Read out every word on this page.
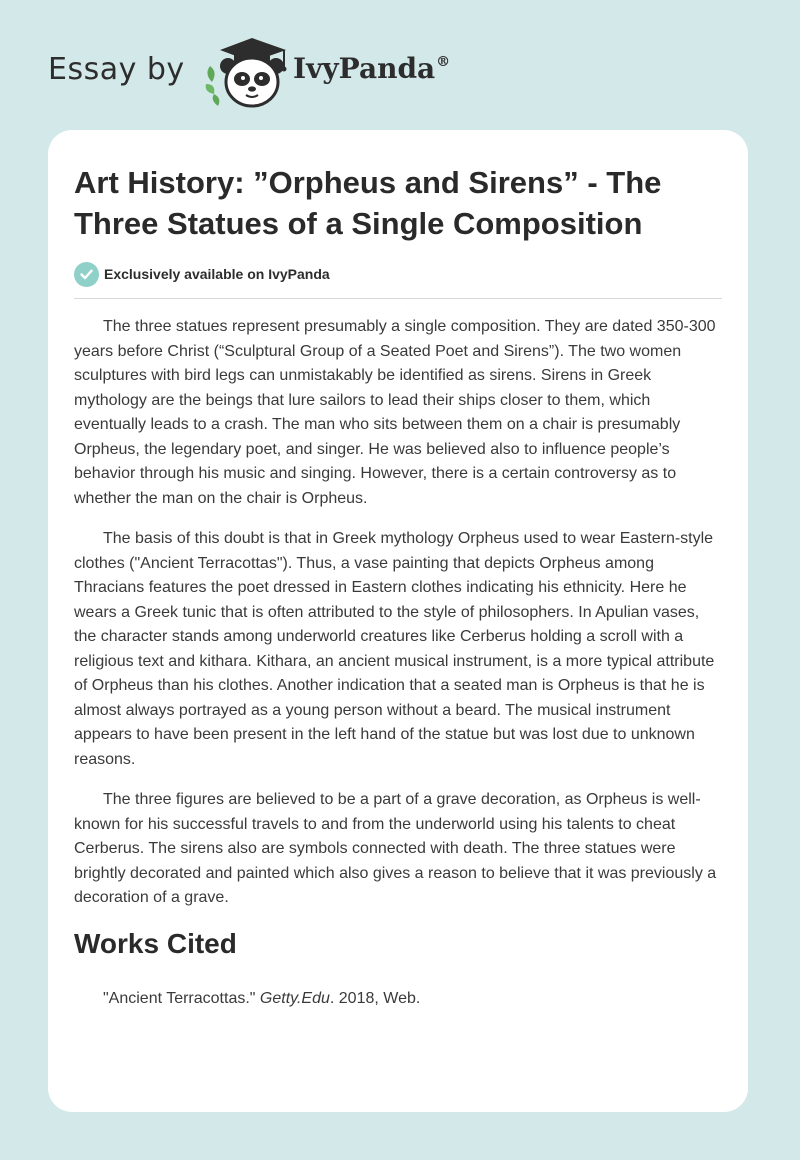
Essay by	IvyPanda®
Art History: ”Orpheus and Sirens” - The Three Statues of a Single Composition
Exclusively available on IvyPanda

The three statues represent presumably a single composition. They are dated 350-300 years before Christ (“Sculptural Group of a Seated Poet and Sirens”). The two women sculptures with bird legs can unmistakably be identified as sirens. Sirens in Greek mythology are the beings that lure sailors to lead their ships closer to them, which eventually leads to a crash. The man who sits between them on a chair is presumably Orpheus, the legendary poet, and singer. He was believed also to influence people’s behavior through his music and singing. However, there is a certain controversy as to whether the man on the chair is Orpheus.

The basis of this doubt is that in Greek mythology Orpheus used to wear Eastern-style clothes ("Ancient Terracottas"). Thus, a vase painting that depicts Orpheus among Thracians features the poet dressed in Eastern clothes indicating his ethnicity. Here he wears a Greek tunic that is often attributed to the style of philosophers. In Apulian vases, the character stands among underworld creatures like Cerberus holding a scroll with a religious text and kithara. Kithara, an ancient musical instrument, is a more typical attribute of Orpheus than his clothes. Another indication that a seated man is Orpheus is that he is almost always portrayed as a young person without a beard. The musical instrument appears to have been present in the left hand of the statue but was lost due to unknown reasons.

The three figures are believed to be a part of a grave decoration, as Orpheus is well-known for his successful travels to and from the underworld using his talents to cheat Cerberus. The sirens also are symbols connected with death. The three statues were brightly decorated and painted which also gives a reason to believe that it was previously a decoration of a grave.

Works Cited

"Ancient Terracottas." Getty.Edu. 2018, Web.
